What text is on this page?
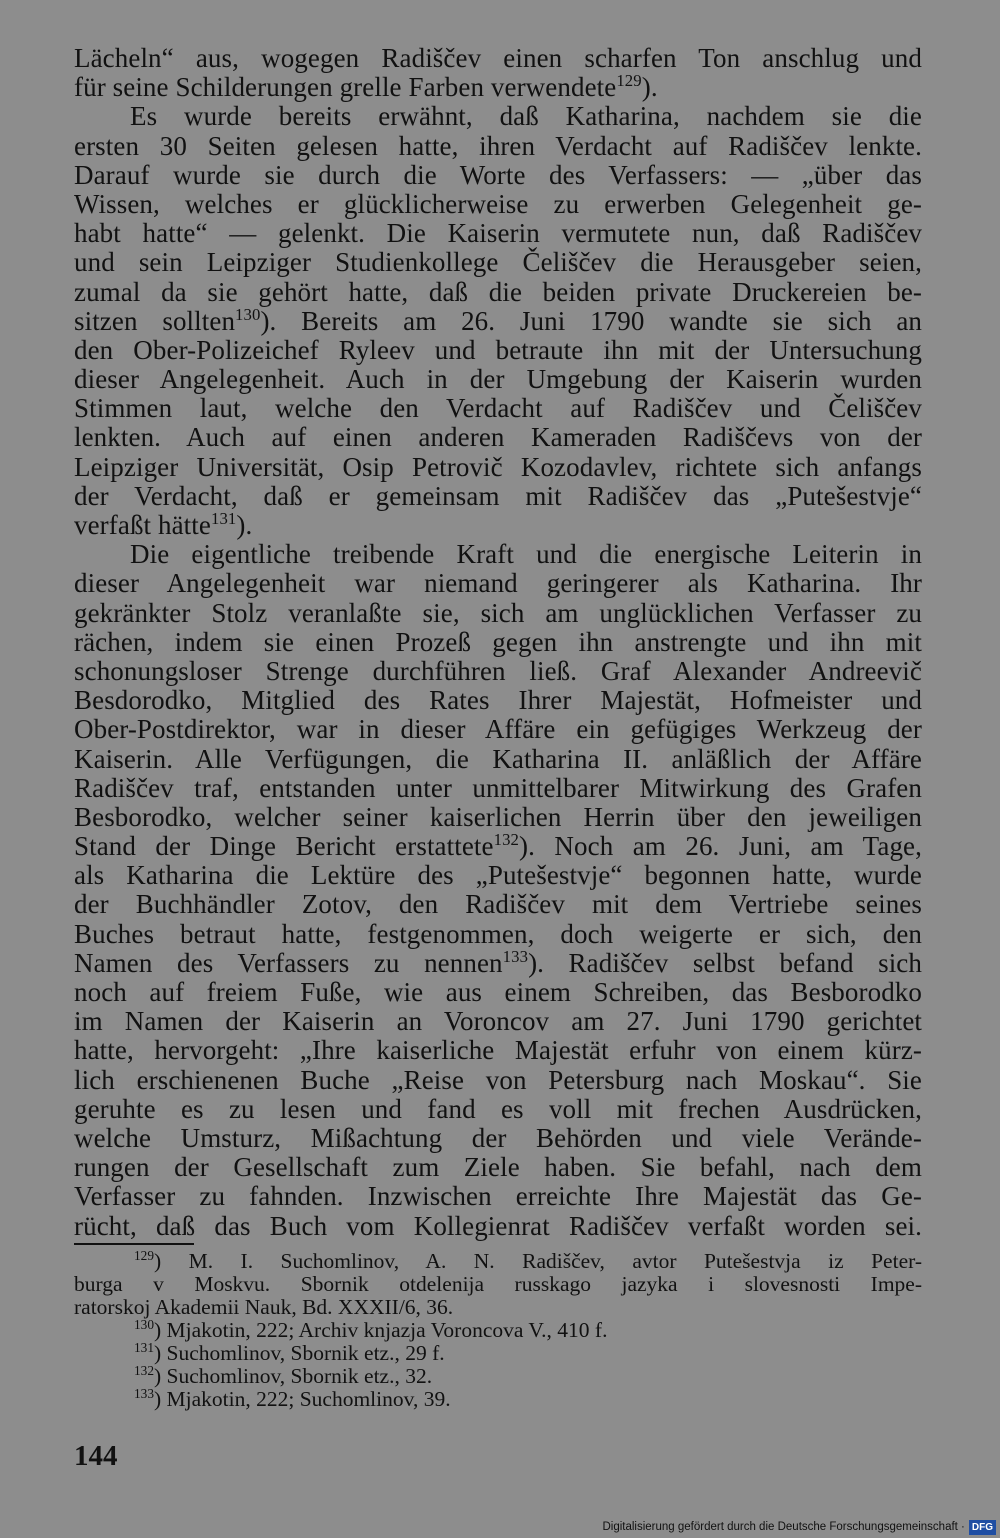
Lächeln“ aus, wogegen Radiščev einen scharfen Ton anschlug und
für seine Schilderungen grelle Farben verwendete$^{129}$).
Es wurde bereits erwähnt, daß Katharina, nachdem sie die
ersten 30 Seiten gelesen hatte, ihren Verdacht auf Radiščev lenkte.
Darauf wurde sie durch die Worte des Verfassers: — „über das
Wissen, welches er glücklicherweise zu erwerben Gelegenheit ge-
habt hatte“ — gelenkt. Die Kaiserin vermutete nun, daß Radiščev
und sein Leipziger Studienkollege Čeliščev die Herausgeber seien,
zumal da sie gehört hatte, daß die beiden private Druckereien be-
sitzen sollten$^{130}$). Bereits am 26. Juni 1790 wandte sie sich an
den Ober-Polizeichef Ryleev und betraute ihn mit der Untersuchung
dieser Angelegenheit. Auch in der Umgebung der Kaiserin wurden
Stimmen laut, welche den Verdacht auf Radiščev und Čeliščev
lenkten. Auch auf einen anderen Kameraden Radiščevs von der
Leipziger Universität, Osip Petrovič Kozodavlev, richtete sich anfangs
der Verdacht, daß er gemeinsam mit Radiščev das „Putešestvje“
verfaßt hätte$^{131}$).
Die eigentliche treibende Kraft und die energische Leiterin in
dieser Angelegenheit war niemand geringerer als Katharina. Ihr
gekränkter Stolz veranlaßte sie, sich am unglücklichen Verfasser zu
rächen, indem sie einen Prozeß gegen ihn anstrengte und ihn mit
schonungsloser Strenge durchführen ließ. Graf Alexander Andreevič
Besdorodko, Mitglied des Rates Ihrer Majestät, Hofmeister und
Ober-Postdirektor, war in dieser Affäre ein gefügiges Werkzeug der
Kaiserin. Alle Verfügungen, die Katharina II. anläßlich der Affäre
Radiščev traf, entstanden unter unmittelbarer Mitwirkung des Grafen
Besborodko, welcher seiner kaiserlichen Herrin über den jeweiligen
Stand der Dinge Bericht erstattete$^{132}$). Noch am 26. Juni, am Tage,
als Katharina die Lektüre des „Putešestvje“ begonnen hatte, wurde
der Buchhändler Zotov, den Radiščev mit dem Vertriebe seines
Buches betraut hatte, festgenommen, doch weigerte er sich, den
Namen des Verfassers zu nennen$^{133}$). Radiščev selbst befand sich
noch auf freiem Fuße, wie aus einem Schreiben, das Besborodko
im Namen der Kaiserin an Voroncov am 27. Juni 1790 gerichtet
hatte, hervorgeht: „Ihre kaiserliche Majestät erfuhr von einem kürz-
lich erschienenen Buche „Reise von Petersburg nach Moskau“. Sie
geruhte es zu lesen und fand es voll mit frechen Ausdrücken,
welche Umsturz, Mißachtung der Behörden und viele Verände-
rungen der Gesellschaft zum Ziele haben. Sie befahl, nach dem
Verfasser zu fahnden. Inzwischen erreichte Ihre Majestät das Ge-
rücht, daß das Buch vom Kollegienrat Radiščev verfaßt worden sei.
$^{129}$) M. I. Suchomlinov, A. N. Radiščev, avtor Putešestvja iz Peter-
burga v Moskvu. Sbornik otdelenija russkago jazyka i slovesnosti Impe-
ratorskoj Akademii Nauk, Bd. XXXII/6, 36.
$^{130}$) Mjakotin, 222; Archiv knjazja Voroncova V., 410 f.
$^{131}$) Suchomlinov, Sbornik etz., 29 f.
$^{132}$) Suchomlinov, Sbornik etz., 32.
$^{133}$) Mjakotin, 222; Suchomlinov, 39.
144
Digitalisierung gefördert durch die Deutsche Forschungsgemeinschaft · DFG
